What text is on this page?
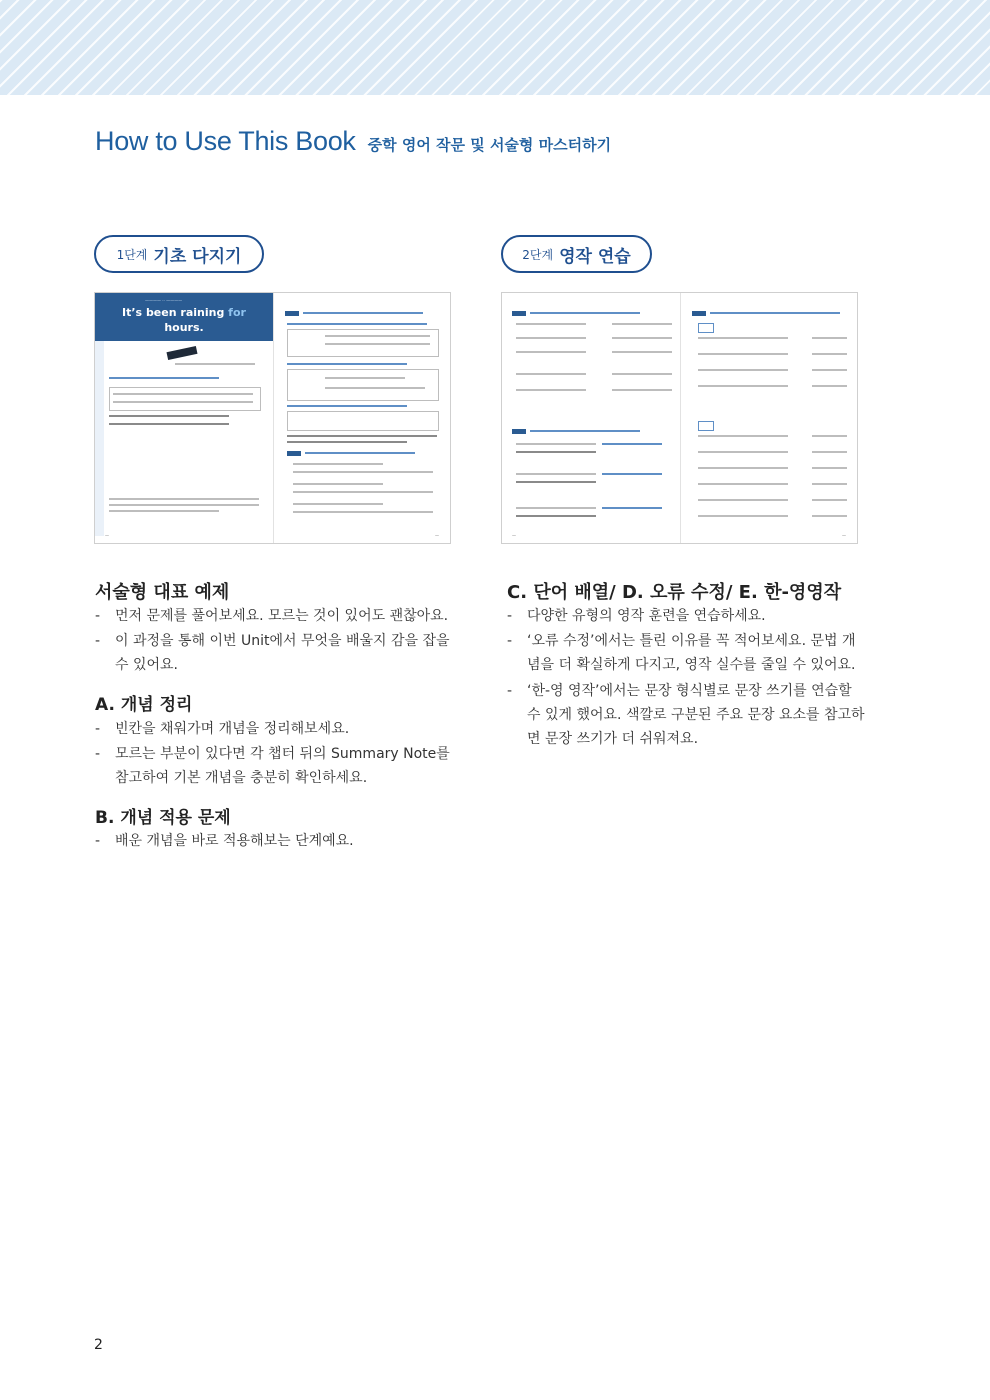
How to Use This Book 중학 영어 작문 및 서술형 마스터하기
1단계 기초 다지기	2단계 영작 연습
———— ·· ————
It’s been raining for
hours.
—	—	—	—
서술형 대표 예제
-	먼저 문제를 풀어보세요. 모르는 것이 있어도 괜찮아요.
-	이 과정을 통해 이번 Unit에서 무엇을 배울지 감을 잡을 수 있어요.
A. 개념 정리
-	빈칸을 채워가며 개념을 정리해보세요.
-	모르는 부분이 있다면 각 챕터 뒤의 Summary Note를 참고하여 기본 개념을 충분히 확인하세요.
B. 개념 적용 문제
-	배운 개념을 바로 적용해보는 단계예요.
C. 단어 배열/ D. 오류 수정/ E. 한-영영작
-	다양한 유형의 영작 훈련을 연습하세요.
-	‘오류 수정’에서는 틀린 이유를 꼭 적어보세요. 문법 개념을 더 확실하게 다지고, 영작 실수를 줄일 수 있어요.
-	‘한-영 영작’에서는 문장 형식별로 문장 쓰기를 연습할 수 있게 했어요. 색깔로 구분된 주요 문장 요소를 참고하면 문장 쓰기가 더 쉬워져요.
2
